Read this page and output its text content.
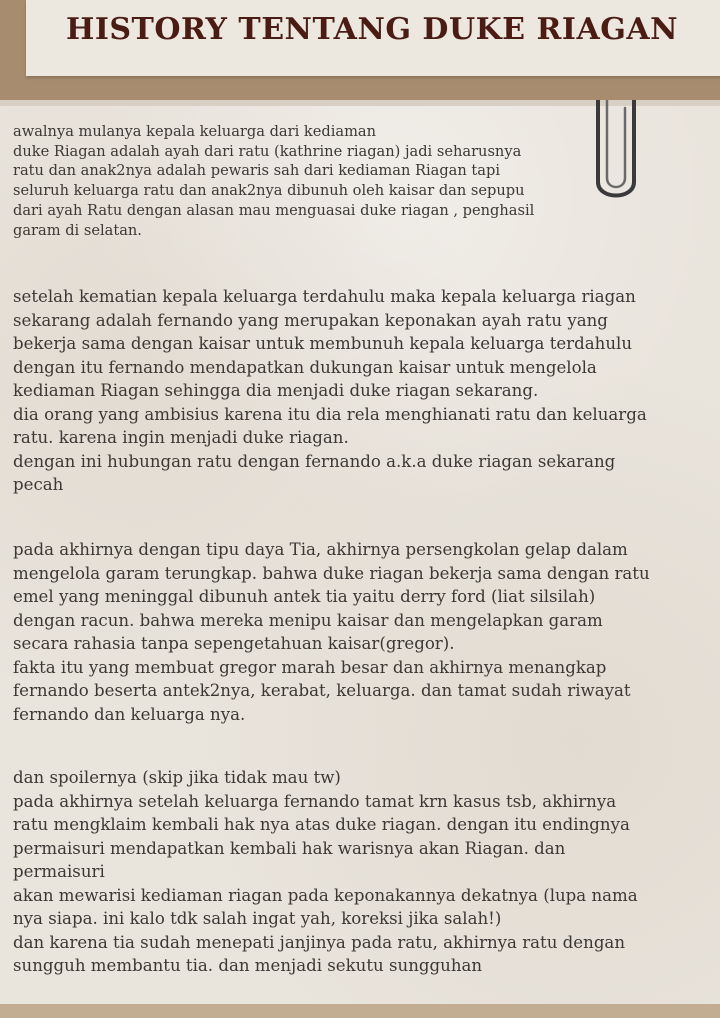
HISTORY TENTANG DUKE RIAGAN
awalnya mulanya kepala keluarga dari kediaman
duke Riagan adalah ayah dari ratu (kathrine riagan) jadi seharusnya
ratu dan anak2nya adalah pewaris sah dari kediaman Riagan tapi
seluruh keluarga ratu dan anak2nya dibunuh oleh kaisar dan sepupu
dari ayah Ratu dengan alasan mau menguasai duke riagan , penghasil
garam di selatan.
setelah kematian kepala keluarga terdahulu maka kepala keluarga riagan
sekarang adalah fernando yang merupakan keponakan ayah ratu yang
bekerja sama dengan kaisar untuk membunuh kepala keluarga terdahulu
dengan itu fernando mendapatkan dukungan kaisar untuk mengelola
kediaman Riagan sehingga dia menjadi duke riagan sekarang.
dia orang yang ambisius karena itu dia rela menghianati ratu dan keluarga
ratu. karena ingin menjadi duke riagan.
dengan ini hubungan ratu dengan fernando a.k.a duke riagan sekarang
pecah
pada akhirnya dengan tipu daya Tia, akhirnya persengkolan gelap dalam
mengelola garam terungkap. bahwa duke riagan bekerja sama dengan ratu
emel yang meninggal dibunuh antek tia yaitu derry ford (liat silsilah)
dengan racun. bahwa mereka menipu kaisar dan mengelapkan garam
secara rahasia tanpa sepengetahuan kaisar(gregor).
fakta itu yang membuat gregor marah besar dan akhirnya menangkap
fernando beserta antek2nya, kerabat, keluarga. dan tamat sudah riwayat
fernando dan keluarga nya.
dan spoilernya (skip jika tidak mau tw)
pada akhirnya setelah keluarga fernando tamat krn kasus tsb, akhirnya
ratu mengklaim kembali hak nya atas duke riagan. dengan itu endingnya
permaisuri mendapatkan kembali hak warisnya akan Riagan. dan
permaisuri
akan mewarisi kediaman riagan pada keponakannya dekatnya (lupa nama
nya siapa. ini kalo tdk salah ingat yah, koreksi jika salah!)
dan karena tia sudah menepati janjinya pada ratu, akhirnya ratu dengan
sungguh membantu tia. dan menjadi sekutu sungguhan
